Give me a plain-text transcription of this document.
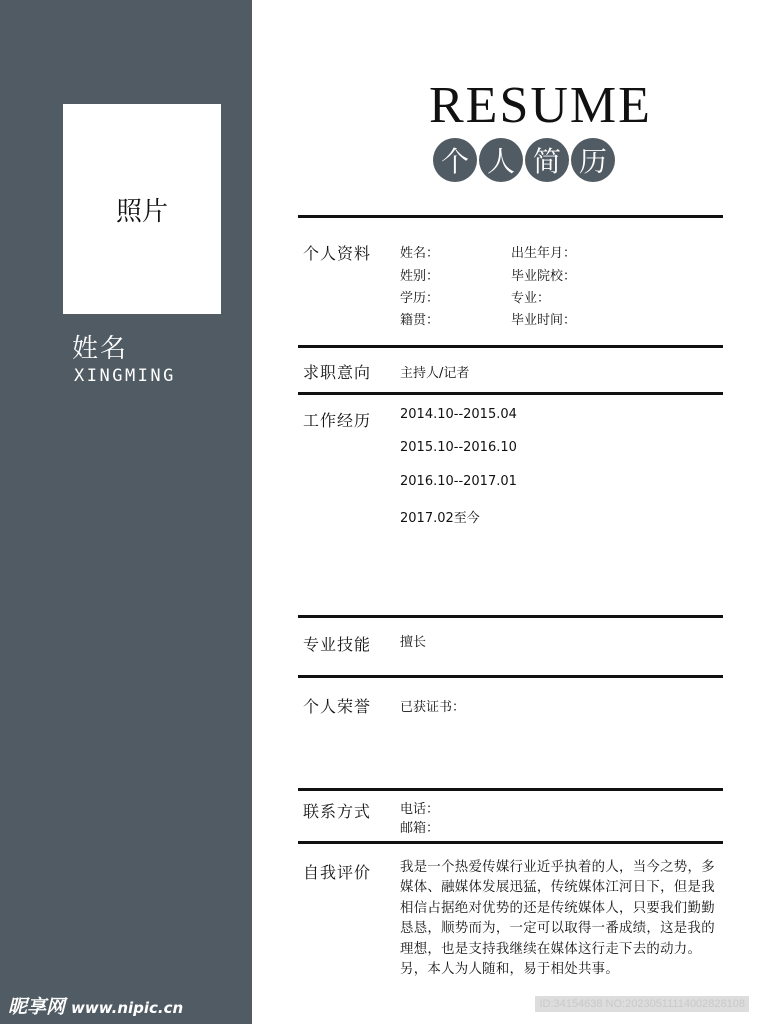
照片
姓名
XINGMING
昵享网 www.nipic.cn
RESUME
个 人 简 历
个人资料 姓名：	出生年月：
姓别：	毕业院校：
学历：	专业：
籍贯：	毕业时间：
求职意向 主持人/记者
工作经历 2014.10--2015.04
2015.10--2016.10
2016.10--2017.01
2017.02至今
专业技能 擅长
个人荣誉 已获证书：
联系方式 电话：
邮箱：
自我评价 我是一个热爱传媒行业近乎执着的人，当今之势，多媒体、融媒体发展迅猛，传统媒体江河日下，但是我相信占据绝对优势的还是传统媒体人，只要我们勤勤恳恳，顺势而为，一定可以取得一番成绩，这是我的理想，也是支持我继续在媒体这行走下去的动力。另，本人为人随和，易于相处共事。
ID:34154638 NO:20230511114002828108
